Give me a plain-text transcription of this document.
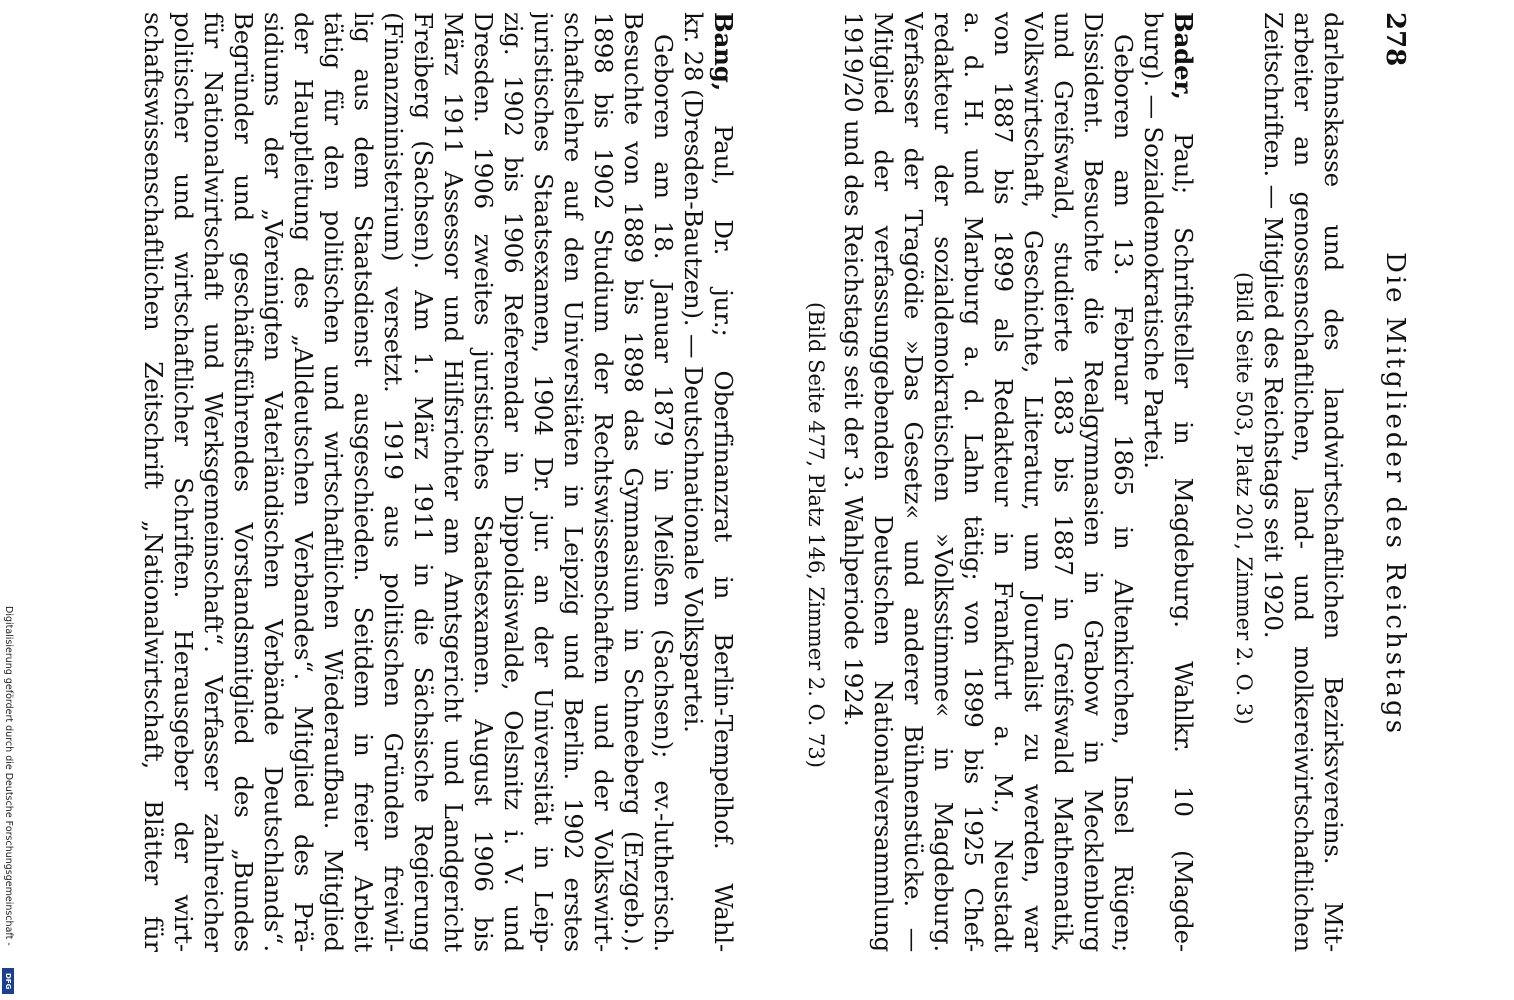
278
Die Mitglieder des Reichstags
darlehnskasse und des landwirtschaftlichen Bezirksvereins. Mit-
arbeiter an genossenschaftlichen, land- und molkereiwirtschaftlichen
Zeitschriften. — Mitglied des Reichstags seit 1920.
(Bild Seite 503, Platz 201, Zimmer 2. O. 3)
Bader, Paul; Schriftsteller in Magdeburg. Wahlkr. 10 (Magde-
burg). — Sozialdemokratische Partei.
Geboren am 13. Februar 1865 in Altenkirchen, Insel Rügen;
Dissident. Besuchte die Realgymnasien in Grabow in Mecklenburg
und Greifswald, studierte 1883 bis 1887 in Greifswald Mathematik,
Volkswirtschaft, Geschichte, Literatur, um Journalist zu werden, war
von 1887 bis 1899 als Redakteur in Frankfurt a. M., Neustadt
a. d. H. und Marburg a. d. Lahn tätig; von 1899 bis 1925 Chef-
redakteur der sozialdemokratischen »Volksstimme« in Magdeburg.
Verfasser der Tragödie »Das Gesetz« und anderer Bühnenstücke. —
Mitglied der verfassunggebenden Deutschen Nationalversammlung
1919/20 und des Reichstags seit der 3. Wahlperiode 1924.
(Bild Seite 477, Platz 146, Zimmer 2. O. 73)
Bang, Paul, Dr. jur.; Oberfinanzrat in Berlin-Tempelhof. Wahl-
kr. 28 (Dresden-Bautzen). — Deutschnationale Volkspartei.
Geboren am 18. Januar 1879 in Meißen (Sachsen); ev.-lutherisch.
Besuchte von 1889 bis 1898 das Gymnasium in Schneeberg (Erzgeb.).
1898 bis 1902 Studium der Rechtswissenschaften und der Volkswirt-
schaftslehre auf den Universitäten in Leipzig und Berlin. 1902 erstes
juristisches Staatsexamen, 1904 Dr. jur. an der Universität in Leip-
zig. 1902 bis 1906 Referendar in Dippoldiswalde, Oelsnitz i. V. und
Dresden. 1906 zweites juristisches Staatsexamen. August 1906 bis
März 1911 Assessor und Hilfsrichter am Amtsgericht und Landgericht
Freiberg (Sachsen). Am 1. März 1911 in die Sächsische Regierung
(Finanzministerium) versetzt. 1919 aus politischen Gründen freiwil-
lig aus dem Staatsdienst ausgeschieden. Seitdem in freier Arbeit
tätig für den politischen und wirtschaftlichen Wiederaufbau. Mitglied
der Hauptleitung des „Alldeutschen Verbandes“. Mitglied des Prä-
sidiums der „Vereinigten Vaterländischen Verbände Deutschlands“.
Begründer und geschäftsführendes Vorstandsmitglied des „Bundes
für Nationalwirtschaft und Werksgemeinschaft“. Verfasser zahlreicher
politischer und wirtschaftlicher Schriften. Herausgeber der wirt-
schaftswissenschaftlichen Zeitschrift „Nationalwirtschaft, Blätter für
Digitalisierung gefördert durch die Deutsche Forschungsgemeinschaft -
DFG
